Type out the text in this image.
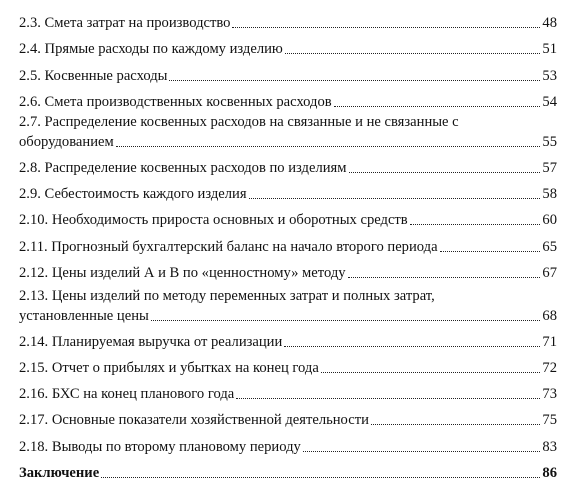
2.3. Смета затрат на производство	48
2.4. Прямые расходы по каждому изделию	51
2.5. Косвенные расходы	53
2.6. Смета производственных косвенных расходов	54
2.7. Распределение косвенных расходов на связанные и не связанные с
оборудованием	55
2.8. Распределение косвенных расходов по изделиям	57
2.9. Себестоимость каждого изделия	58
2.10. Необходимость прироста основных и оборотных средств	60
2.11. Прогнозный бухгалтерский баланс на начало второго периода	65
2.12. Цены изделий А и В по «ценностному» методу	67
2.13. Цены изделий по методу переменных затрат и полных затрат,
установленные цены	68
2.14. Планируемая выручка от реализации	71
2.15. Отчет о прибылях и убытках на конец года	72
2.16. БХС на конец планового года	73
2.17. Основные показатели хозяйственной деятельности	75
2.18. Выводы по второму плановому периоду	83
Заключение	86
